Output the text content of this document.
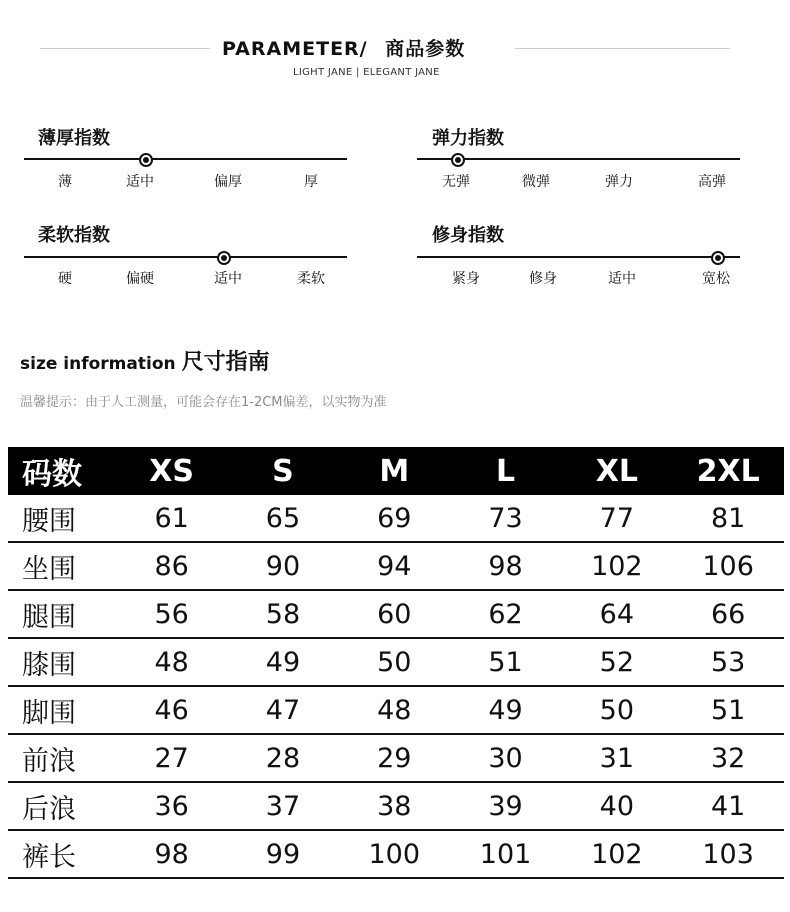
PARAMETER/ 商品参数
LIGHT JANE | ELEGANT JANE
薄厚指数
薄	适中	偏厚	厚
弹力指数
无弹	微弹	弹力	高弹
柔软指数
硬	偏硬	适中	柔软
修身指数
紧身	修身	适中	宽松
size information 尺寸指南
温馨提示：由于人工测量，可能会存在1-2CM偏差，以实物为准
码数	XS	S	M	L	XL	2XL
腰围	61	65	69	73	77	81
坐围	86	90	94	98	102	106
腿围	56	58	60	62	64	66
膝围	48	49	50	51	52	53
脚围	46	47	48	49	50	51
前浪	27	28	29	30	31	32
后浪	36	37	38	39	40	41
裤长	98	99	100	101	102	103
